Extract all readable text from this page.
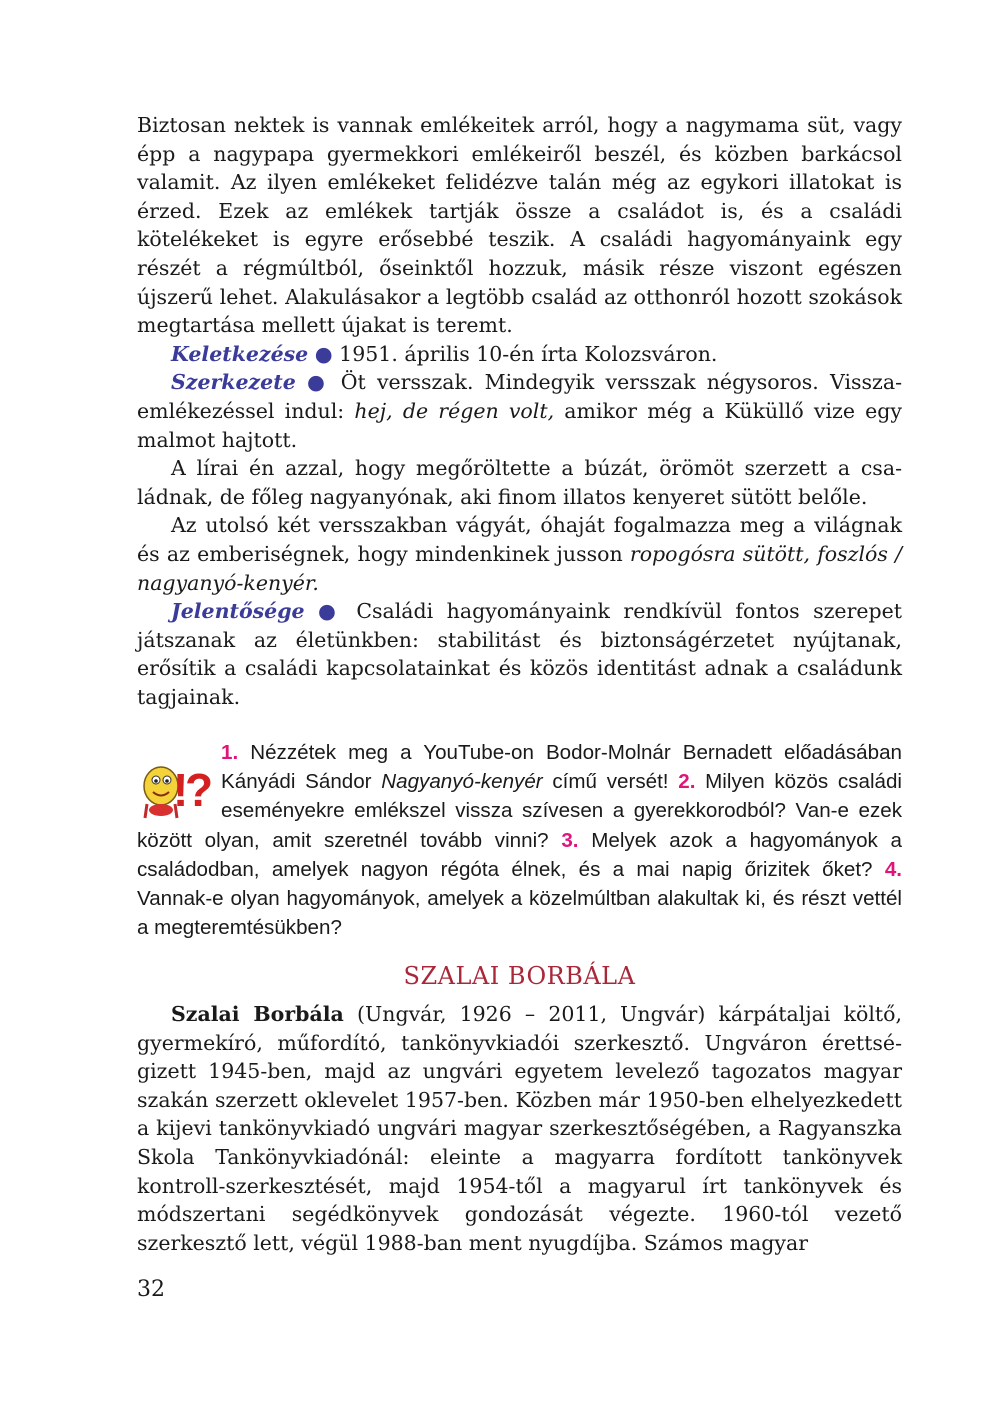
Biztosan nektek is vannak emlékeitek arról, hogy a nagymama süt, vagy épp a nagypapa gyermekkori emlékeiről beszél, és közben barkácsol valamit. Az ilyen emlékeket felidézve talán még az egykori illatokat is érzed. Ezek az emlékek tartják össze a családot is, és a családi kötelékeket is egyre erősebbé teszik. A családi hagyományaink egy részét a régmúltból, őseinktől hozzuk, másik része viszont egészen újszerű lehet. Alakulásakor a legtöbb család az otthonról hozott szokások megtartása mellett újakat is teremt.

Keletkezése ● 1951. április 10-én írta Kolozsváron.

Szerkezete ● Öt versszak. Mindegyik versszak négysoros. Visszaemlékezéssel indul: hej, de régen volt, amikor még a Küküllő vize egy malmot hajtott.

A lírai én azzal, hogy megőröltette a búzát, örömöt szerzett a családnak, de főleg nagyanyónak, aki finom illatos kenyeret sütött belőle.

Az utolsó két versszakban vágyát, óhaját fogalmazza meg a világnak és az emberiségnek, hogy mindenkinek jusson ropogósra sütött, foszlós / nagyanyó-kenyér.

Jelentősége ● Családi hagyományaink rendkívül fontos szerepet játszanak az életünkben: stabilitást és biztonságérzetet nyújtanak, erősítik a családi kapcsolatainkat és közös identitást adnak a családunk tagjainak.

!
?
1. Nézzétek meg a YouTube-on Bodor-Molnár Bernadett előadásában Kányádi Sándor Nagyanyó-kenyér című versét! 2. Milyen közös családi eseményekre emlékszel vissza szívesen a gyerekkorodból? Van-e ezek között olyan, amit szeretnél tovább vinni? 3. Melyek azok a hagyományok a családodban, amelyek nagyon régóta élnek, és a mai napig őrizitek őket? 4. Vannak-e olyan hagyományok, amelyek a közelmúltban alakultak ki, és részt vettél a megteremtésükben?
SZALAI BORBÁLA

Szalai Borbála (Ungvár, 1926 – 2011, Ungvár) kárpátaljai költő, gyermekíró, műfordító, tankönyvkiadói szerkesztő. Ungváron érettségizett 1945-ben, majd az ungvári egyetem levelező tagozatos magyar szakán szerzett oklevelet 1957-ben. Közben már 1950-ben elhelyezkedett a kijevi tankönyvkiadó ungvári magyar szerkesztőségében, a Ragyanszka Skola Tankönyvkiadónál: eleinte a magyarra fordított tankönyvek kontroll-szerkesztését, majd 1954-től a magyarul írt tankönyvek és módszertani segédkönyvek gondozását végezte. 1960-tól vezető szerkesztő lett, végül 1988-ban ment nyugdíjba. Számos magyar

32
